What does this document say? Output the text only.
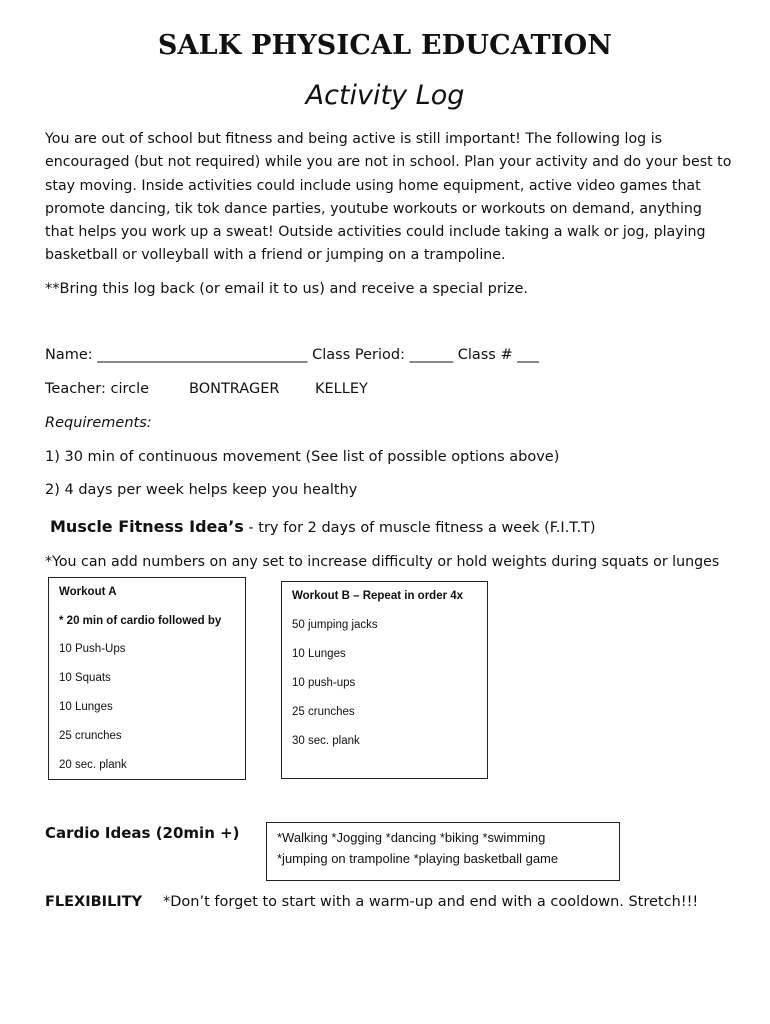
SALK PHYSICAL EDUCATION
Activity Log
You are out of school but fitness and being active is still important! The following log is encouraged (but not required) while you are not in school. Plan your activity and do your best to stay moving. Inside activities could include using home equipment, active video games that promote dancing, tik tok dance parties, youtube workouts or workouts on demand, anything that helps you work up a sweat! Outside activities could include taking a walk or jog, playing basketball or volleyball with a friend or jumping on a trampoline.
**Bring this log back (or email it to us) and receive a special prize.
Name: _____________________________ Class Period: ______ Class # ___
Teacher: circle	BONTRAGER KELLEY
Requirements:
1) 30 min of continuous movement (See list of possible options above)
2) 4 days per week helps keep you healthy
Muscle Fitness Idea’s - try for 2 days of muscle fitness a week (F.I.T.T)
*You can add numbers on any set to increase difficulty or hold weights during squats or lunges
Workout A
* 20 min of cardio followed by
10 Push-Ups
10 Squats
10 Lunges
25 crunches
20 sec. plank
Workout B – Repeat in order 4x
50 jumping jacks
10 Lunges
10 push-ups
25 crunches
30 sec. plank
Cardio Ideas (20min +)	*Walking *Jogging *dancing *biking *swimming
*jumping on trampoline *playing basketball game
FLEXIBILITY *Don’t forget to start with a warm-up and end with a cooldown. Stretch!!!
